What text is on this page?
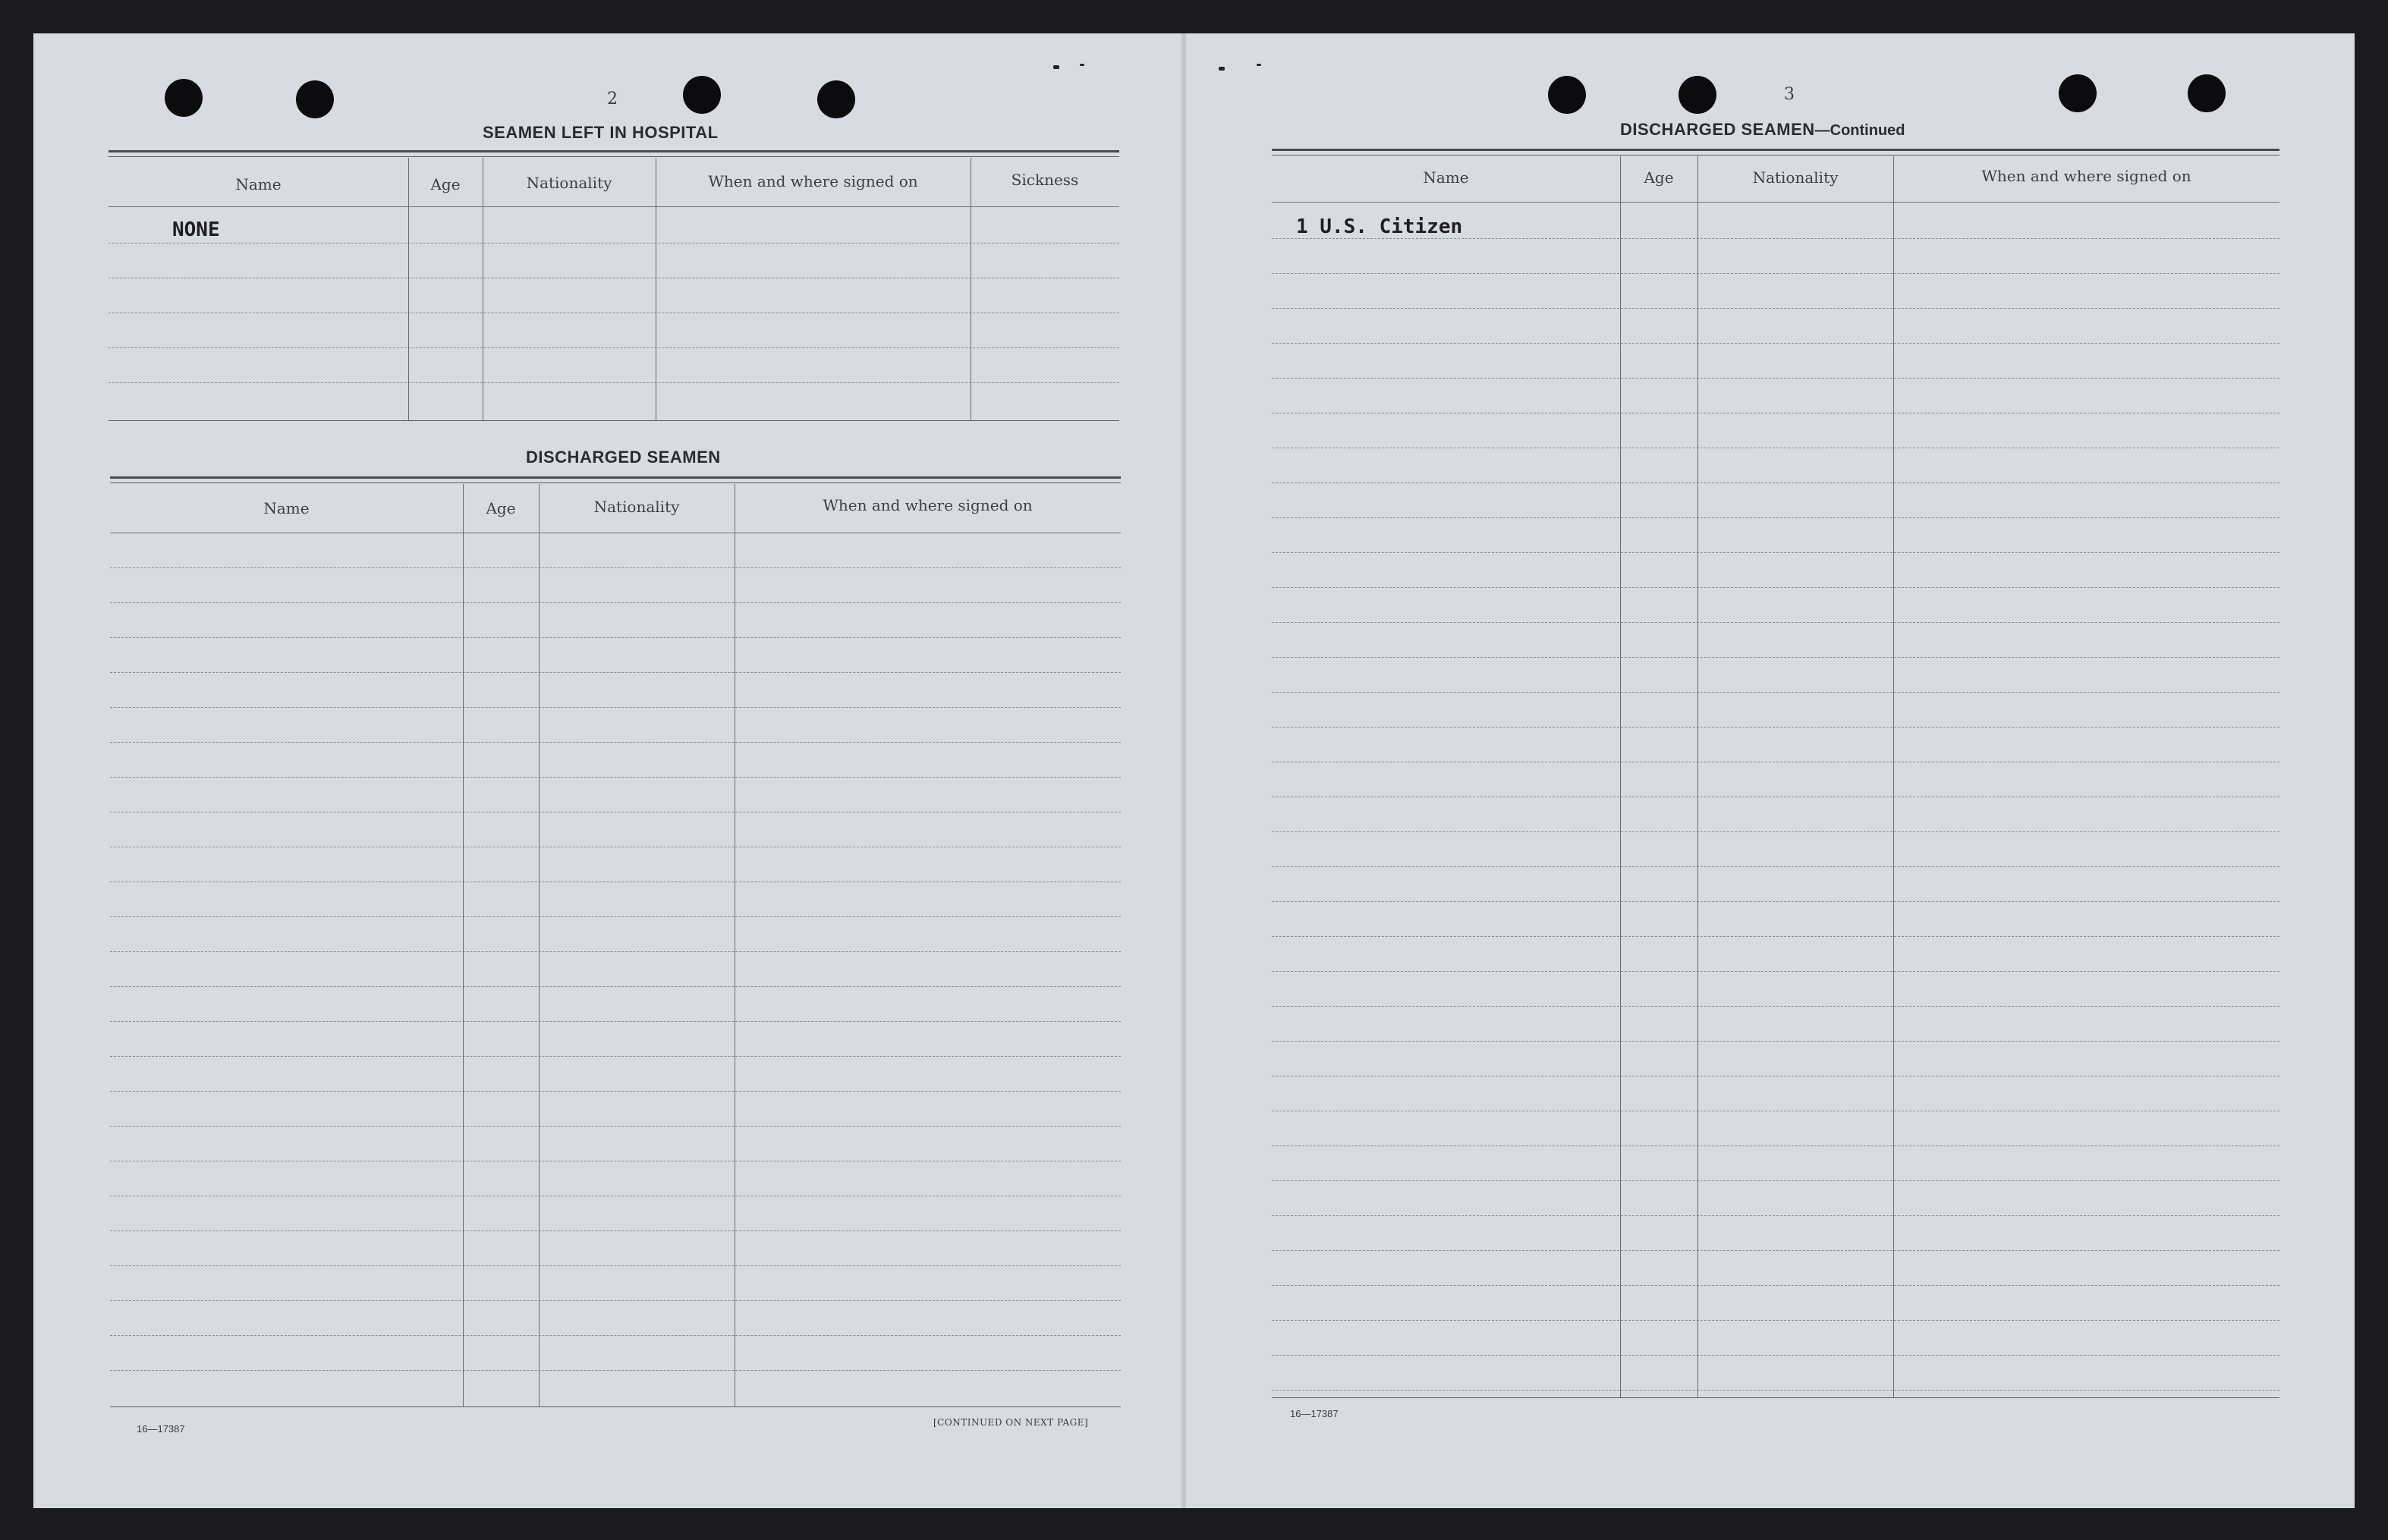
2
SEAMEN LEFT IN HOSPITAL
Name	Age	Nationality	When and where signed on	Sickness
NONE
DISCHARGED SEAMEN
Name	Age	Nationality	When and where signed on
16—17387
[CONTINUED ON NEXT PAGE]
3
DISCHARGED SEAMEN—Continued
Name	Age	Nationality	When and where signed on
1 U.S. Citizen
16—17387
